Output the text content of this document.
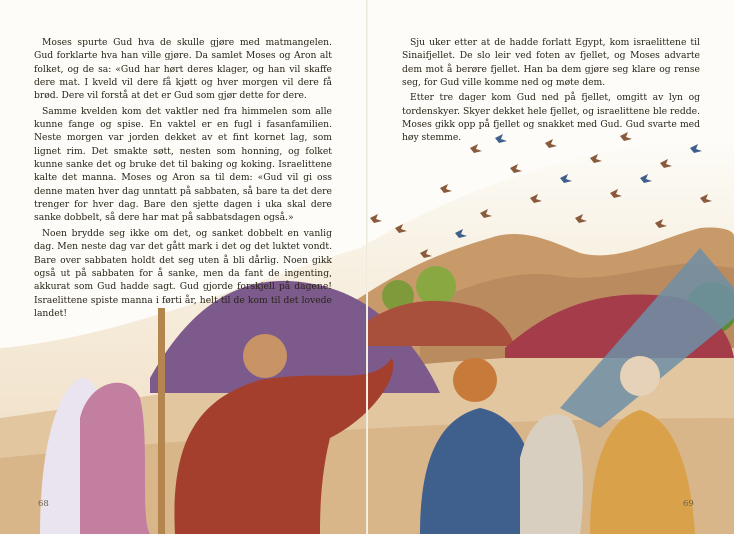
Moses spurte Gud hva de skulle gjøre med matmangelen. Gud forklarte hva han ville gjøre. Da samlet Moses og Aron alt folket, og de sa: «Gud har hørt deres klager, og han vil skaffe dere mat. I kveld vil dere få kjøtt og hver morgen vil dere få brød. Dere vil forstå at det er Gud som gjør dette for dere.

Samme kvelden kom det vaktler ned fra himmelen som alle kunne fange og spise. En vaktel er en fugl i fasanfamilien. Neste morgen var jorden dekket av et fint kornet lag, som lignet rim. Det smakte søtt, nesten som honning, og folket kunne sanke det og bruke det til baking og koking. Israelittene kalte det manna. Moses og Aron sa til dem: «Gud vil gi oss denne maten hver dag unntatt på sabbaten, så bare ta det dere trenger for hver dag. Bare den sjette dagen i uka skal dere sanke dobbelt, så dere har mat på sabbatsdagen også.»

Noen brydde seg ikke om det, og sanket dobbelt en vanlig dag. Men neste dag var det gått mark i det og det luktet vondt. Bare over sabbaten holdt det seg uten å bli dårlig. Noen gikk også ut på sabbaten for å sanke, men da fant de ingenting, akkurat som Gud hadde sagt. Gud gjorde forskjell på dagene! Israelittene spiste manna i førti år, helt til de kom til det lovede landet!

Sju uker etter at de hadde forlatt Egypt, kom israelittene til Sinaifjellet. De slo leir ved foten av fjellet, og Moses advarte dem mot å berøre fjellet. Han ba dem gjøre seg klare og rense seg, for Gud ville komme ned og møte dem.

Etter tre dager kom Gud ned på fjellet, omgitt av lyn og tordenskyer. Skyer dekket hele fjellet, og israelittene ble redde. Moses gikk opp på fjellet og snakket med Gud. Gud svarte med høy stemme.

68	69
